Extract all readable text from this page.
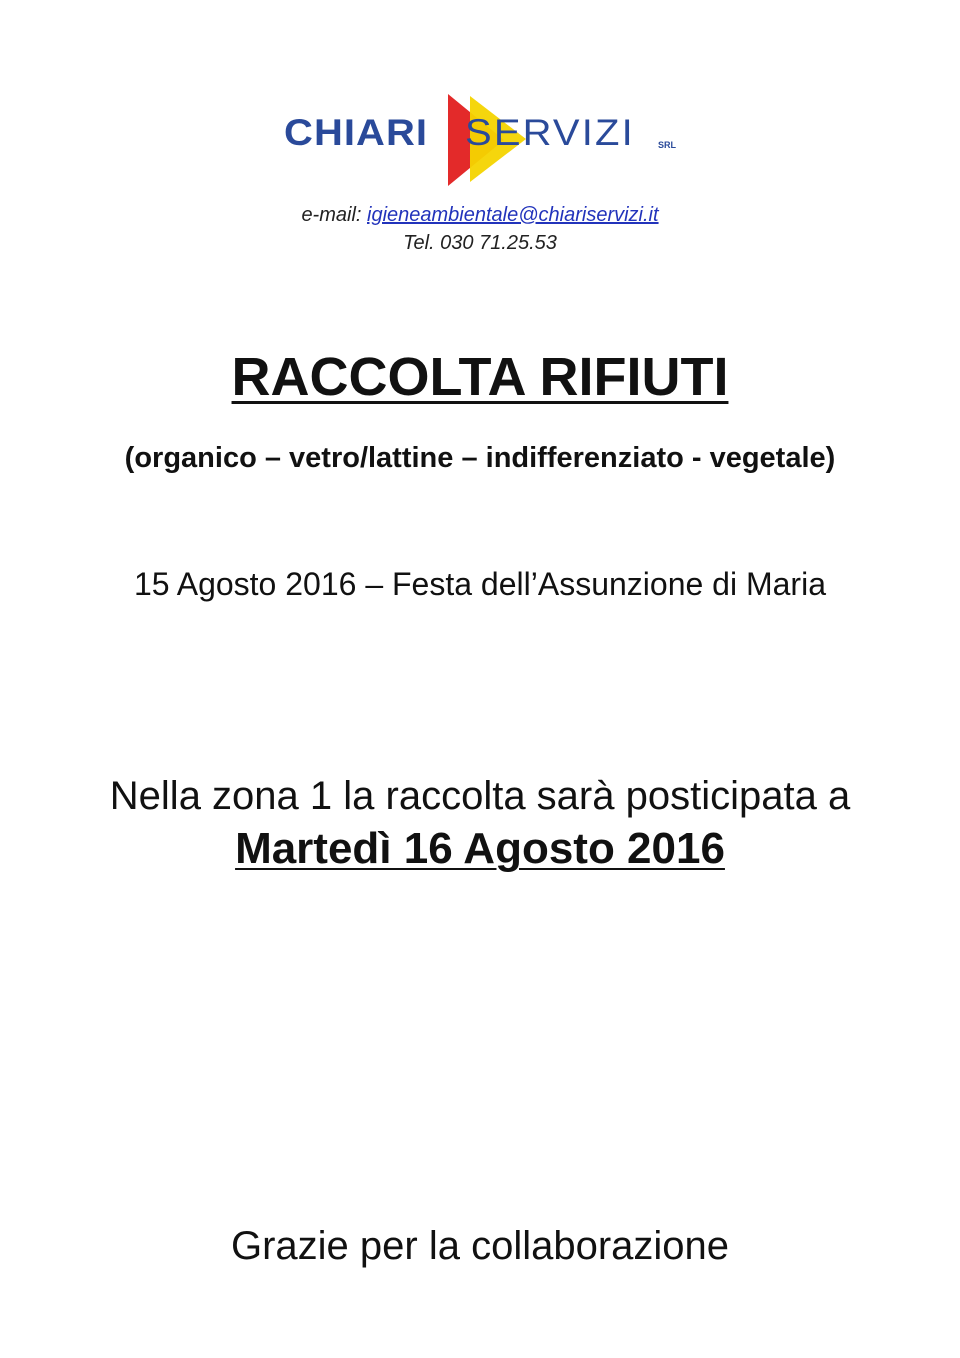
CHIARI SERVIZI	SRL
e-mail: igieneambientale@chiariservizi.it
Tel. 030 71.25.53
RACCOLTA RIFIUTI
(organico – vetro/lattine – indifferenziato - vegetale)
15 Agosto 2016 – Festa dell’Assunzione di Maria
Nella zona 1 la raccolta sarà posticipata a
Martedì 16 Agosto 2016
Grazie per la collaborazione
